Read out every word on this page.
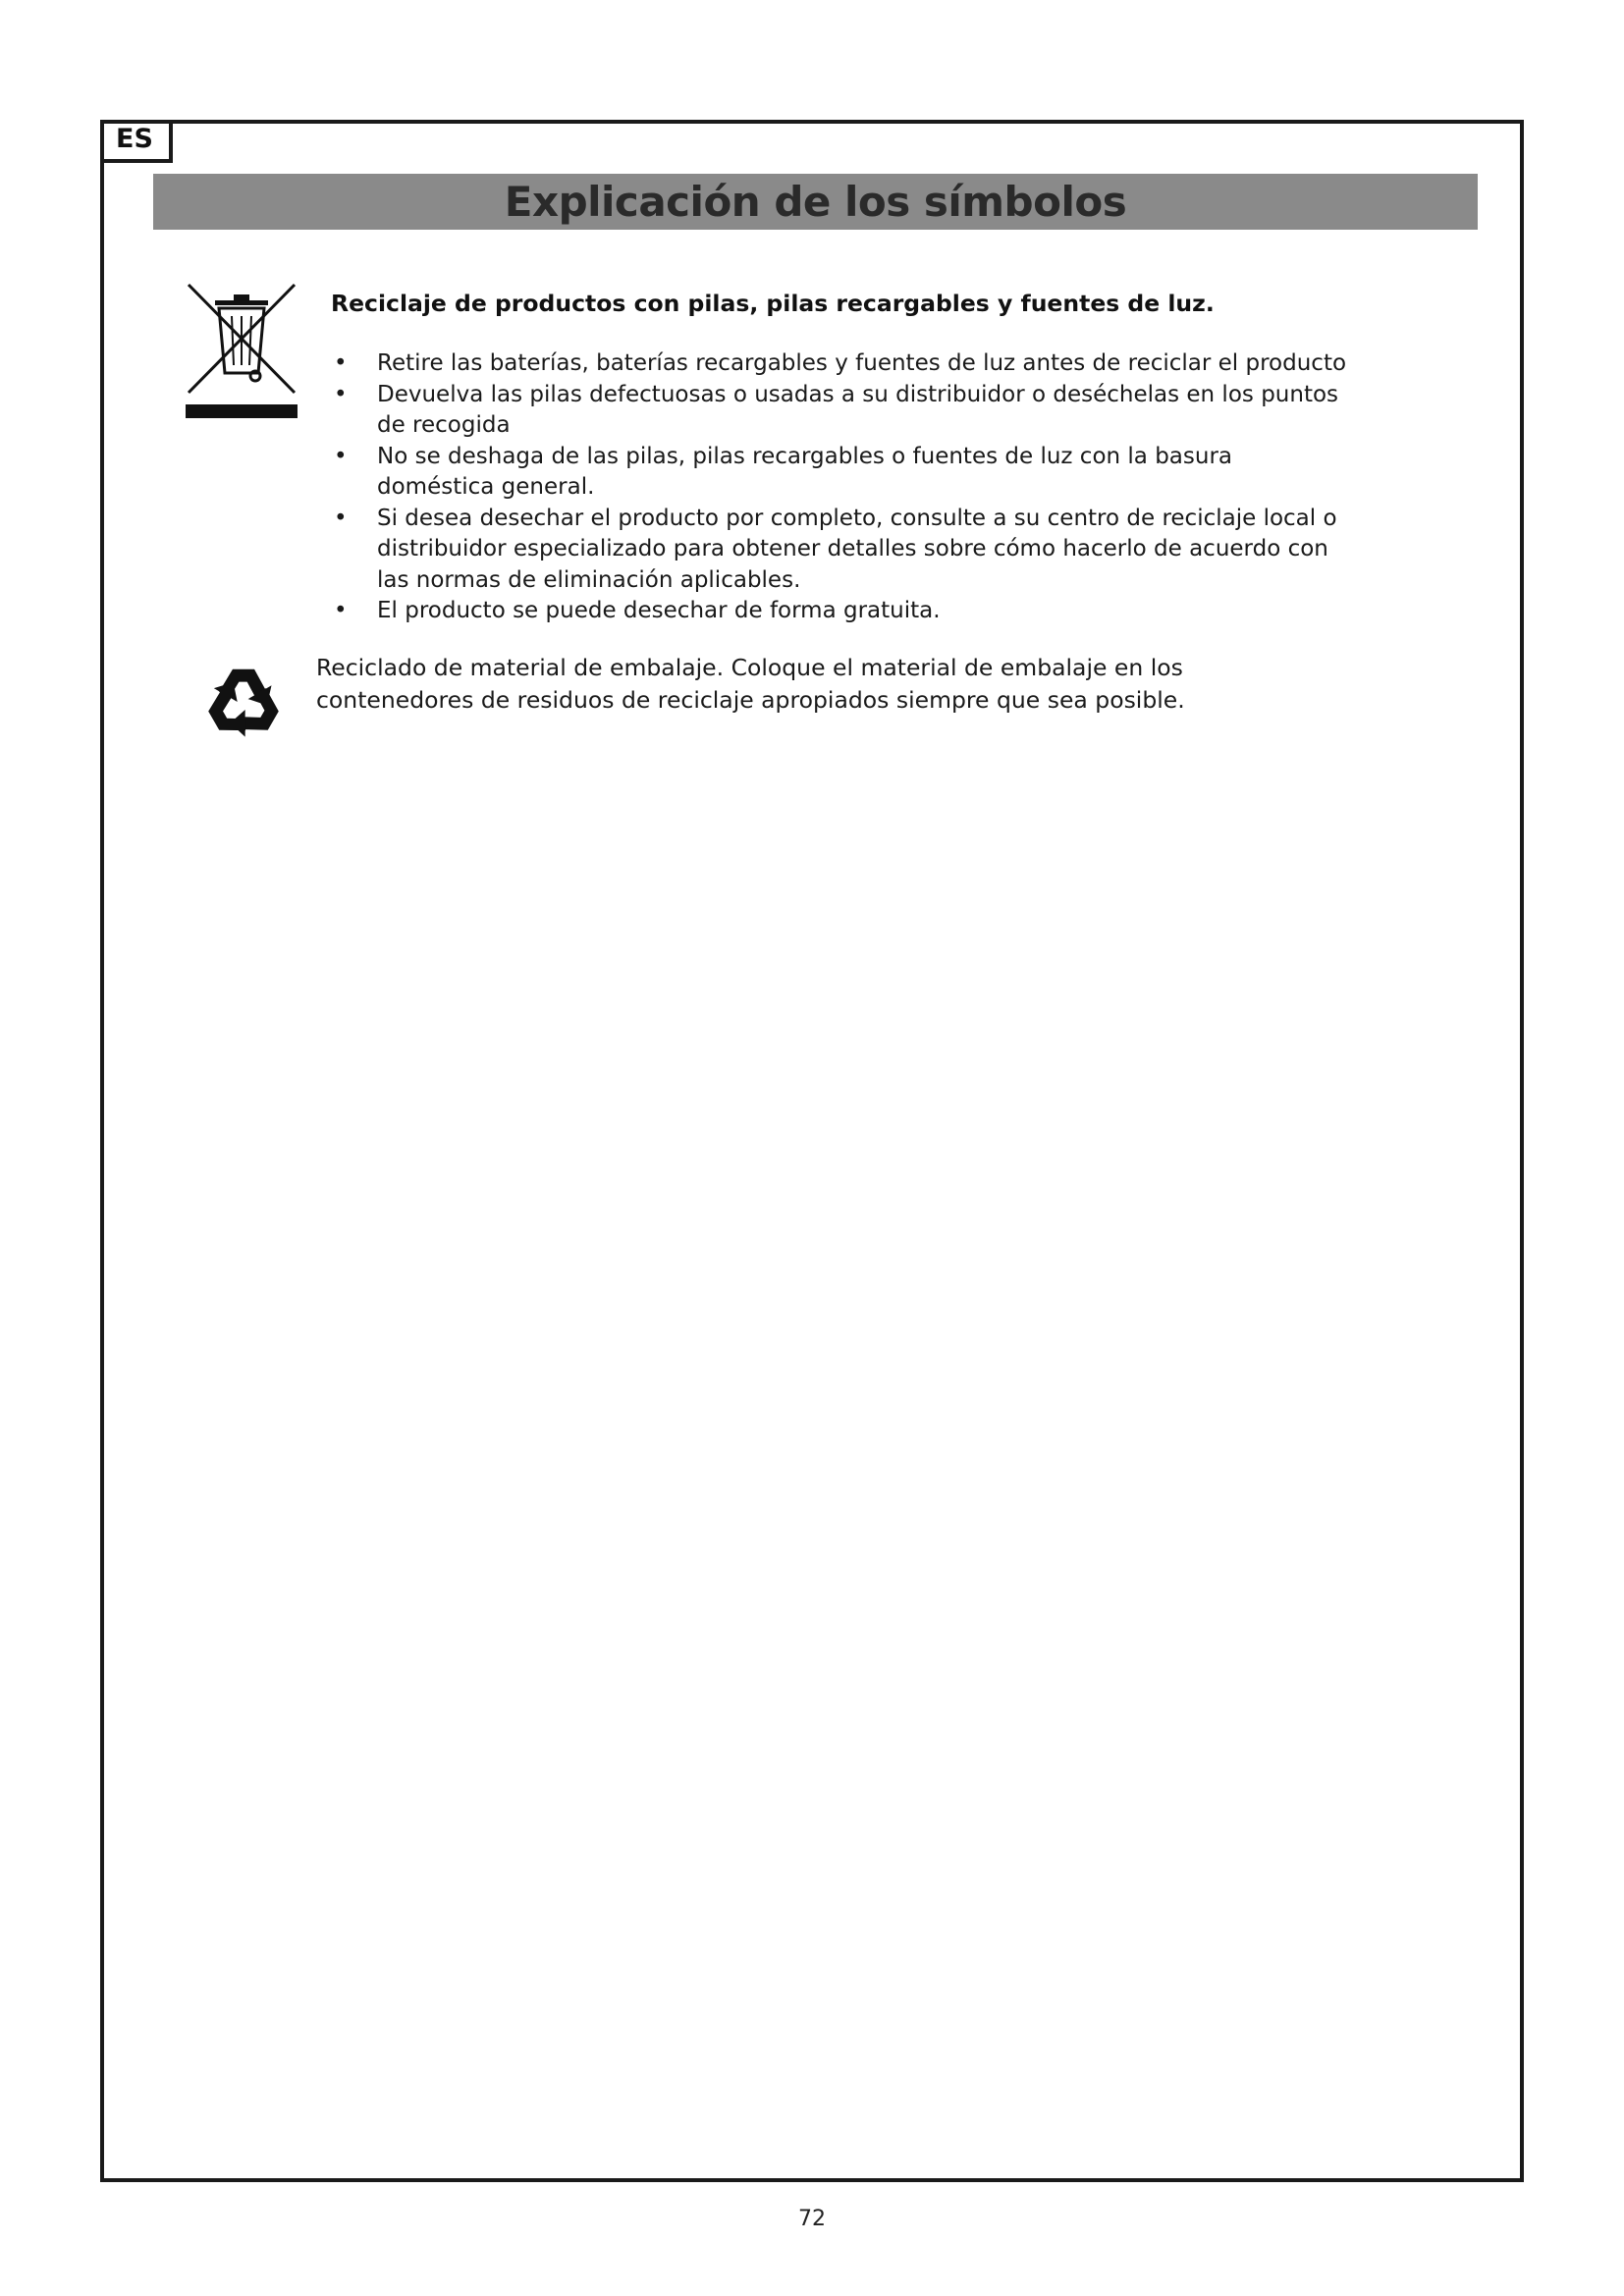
ES
Explicación de los símbolos
Reciclaje de productos con pilas, pilas recargables y fuentes de luz.
• Retire las baterías, baterías recargables y fuentes de luz antes de reciclar el producto
• Devuelva las pilas defectuosas o usadas a su distribuidor o deséchelas en los puntos de recogida
• No se deshaga de las pilas, pilas recargables o fuentes de luz con la basura doméstica general.
• Si desea desechar el producto por completo, consulte a su centro de reciclaje local o distribuidor especializado para obtener detalles sobre cómo hacerlo de acuerdo con las normas de eliminación aplicables.
• El producto se puede desechar de forma gratuita.

Reciclado de material de embalaje. Coloque el material de embalaje en los contenedores de residuos de reciclaje apropiados siempre que sea posible.

72
